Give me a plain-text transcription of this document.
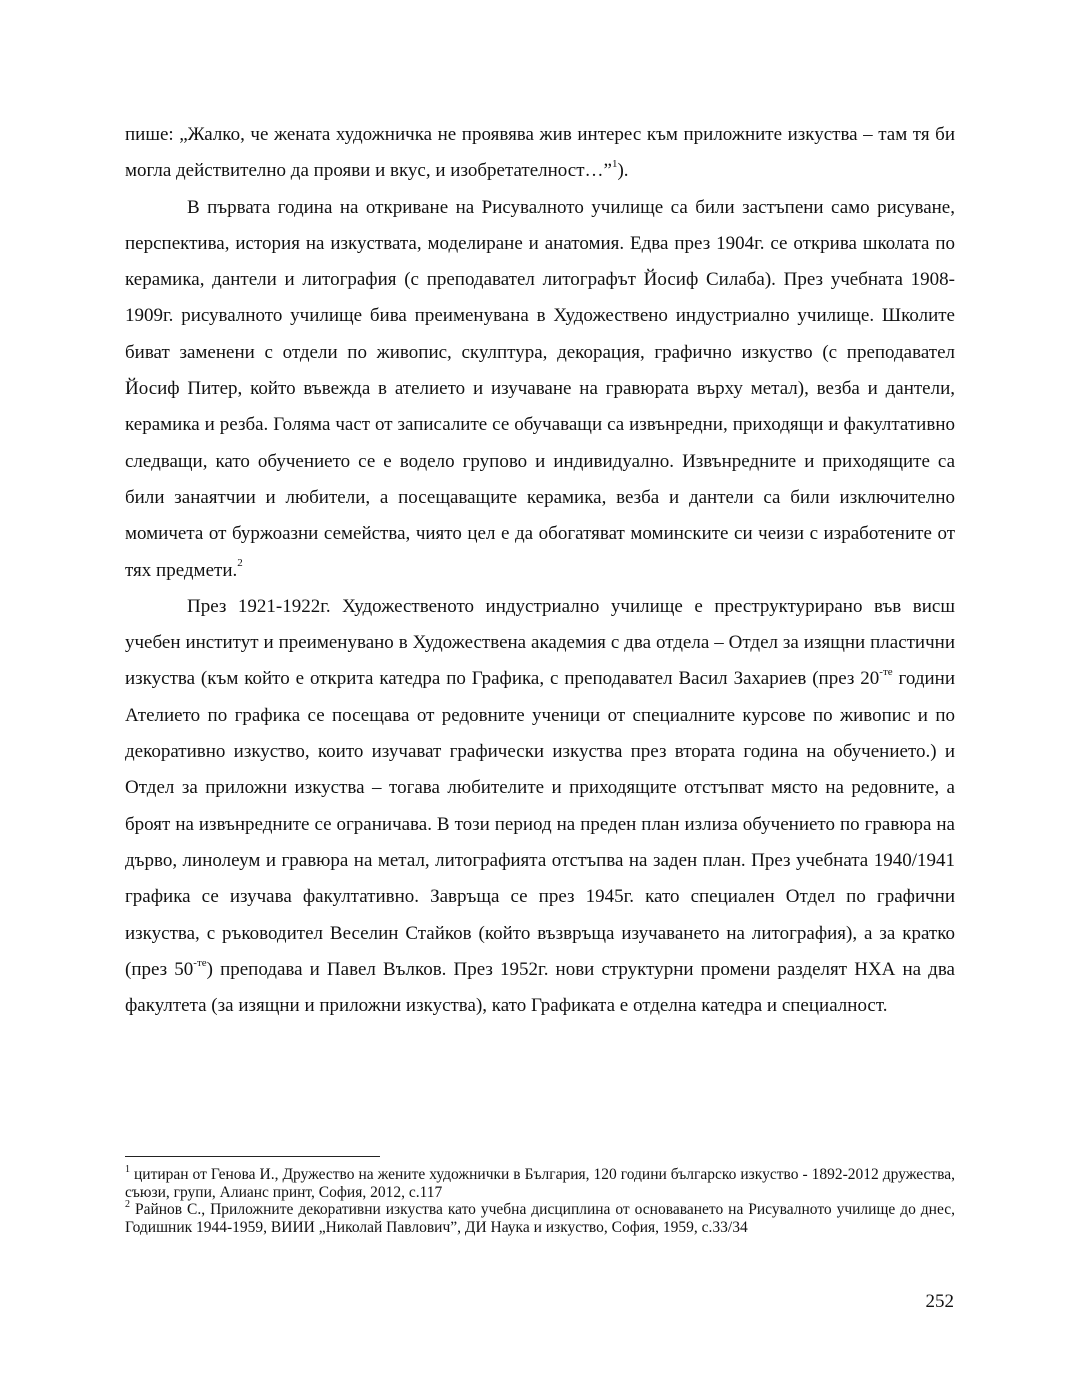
пише: „Жалко, че жената художничка не проявява жив интерес към приложните изкуства – там тя би могла действително да прояви и вкус, и изобретателност…”$^1$).

В първата година на откриване на Рисувалното училище са били застъпени само рисуване, перспектива, история на изкуствата, моделиране и анатомия. Едва през 1904г. се открива школата по керамика, дантели и литография (с преподавател литографът Йосиф Силаба). През учебната 1908-1909г. рисувалното училище бива преименувана в Художествено индустриално училище. Школите биват заменени с отдели по живопис, скулптура, декорация, графично изкуство (с преподавател Йосиф Питер, който въвежда в ателието и изучаване на гравюрата върху метал), везба и дантели, керамика и резба. Голяма част от записалите се обучаващи са извънредни, приходящи и факултативно следващи, като обучението се е водело групово и индивидуално. Извънредните и приходящите са били занаятчии и любители, а посещаващите керамика, везба и дантели са били изключително момичета от буржоазни семейства, чиято цел е да обогатяват моминските си чеизи с изработените от тях предмети.$^2$

През 1921-1922г. Художественото индустриално училище е преструктурирано във висш учебен институт и преименувано в Художествена академия с два отдела – Отдел за изящни пластични изкуства (към който е открита катедра по Графика, с преподавател Васил Захариев (през $20^{-те}$ години Ателието по графика се посещава от редовните ученици от специалните курсове по живопис и по декоративно изкуство, които изучават графически изкуства през втората година на обучението.) и Отдел за приложни изкуства – тогава любителите и приходящите отстъпват място на редовните, а броят на извънредните се ограничава. В този период на преден план излиза обучението по гравюра на дърво, линолеум и гравюра на метал, литографията отстъпва на заден план. През учебната 1940/1941 графика се изучава факултативно. Завръща се през 1945г. като специален Отдел по графични изкуства, с ръководител Веселин Стайков (който възвръща изучаването на литография), а за кратко (през $50^{-те}$) преподава и Павел Вълков. През 1952г. нови структурни промени разделят НХА на два факултета (за изящни и приложни изкуства), като Графиката е отделна катедра и специалност.

$^1$ цитиран от Генова И., Дружество на жените художнички в България, 120 години българско изкуство - 1892-2012 дружества, съюзи, групи, Алианс принт, София, 2012, с.117

$^2$ Райнов С., Приложните декоративни изкуства като учебна дисциплина от основаването на Рисувалното училище до днес, Годишник 1944-1959, ВИИИ „Николай Павлович”, ДИ Наука и изкуство, София, 1959, с.33/34

252
